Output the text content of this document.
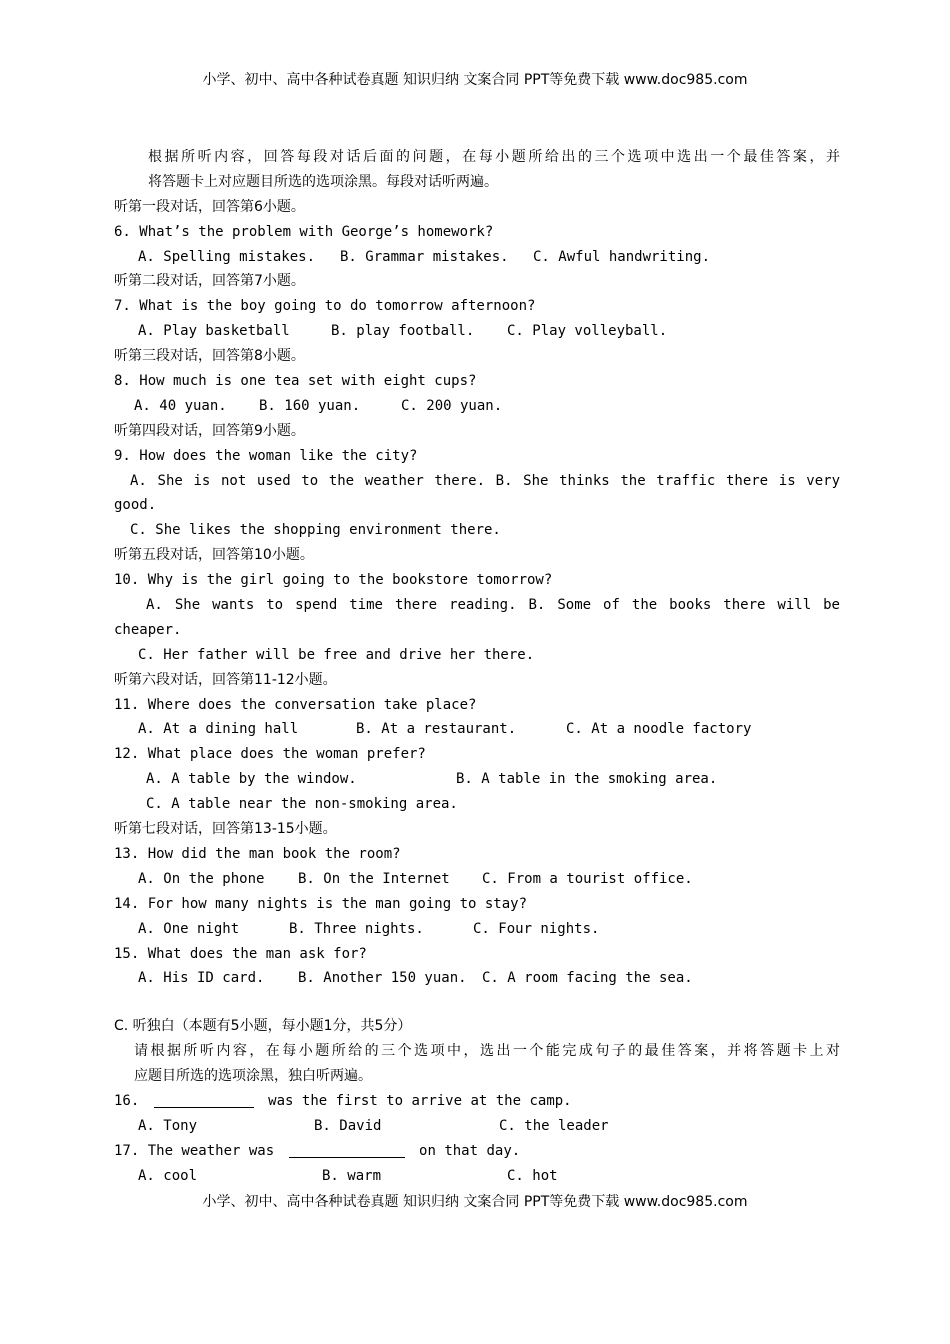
小学、初中、高中各种试卷真题 知识归纳 文案合同 PPT等免费下载 www.doc985.com
根据所听内容，回答每段对话后面的问题，在每小题所给出的三个选项中选出一个最佳答案，并
将答题卡上对应题目所选的选项涂黑。每段对话听两遍。
听第一段对话，回答第6小题。
6. What’s the problem with George’s homework?
A. Spelling mistakes. B. Grammar mistakes. C. Awful handwriting.
听第二段对话，回答第7小题。
7. What is the boy going to do tomorrow afternoon?
A. Play basketball	B. play football. C. Play volleyball.
听第三段对话，回答第8小题。
8. How much is one tea set with eight cups?
A. 40 yuan. B. 160 yuan.	C. 200 yuan.
听第四段对话，回答第9小题。
9. How does the woman like the city?
A. She is not used to the weather there. B. She thinks the traffic there is very
good.
C. She likes the shopping environment there.
听第五段对话，回答第10小题。
10. Why is the girl going to the bookstore tomorrow?
A. She wants to spend time there reading. B. Some of the books there will be
cheaper.
C. Her father will be free and drive her there.
听第六段对话，回答第11-12小题。
11. Where does the conversation take place?
A. At a dining hall	B. At a restaurant.	C. At a noodle factory
12. What place does the woman prefer?
A. A table by the window.	B. A table in the smoking area.
C. A table near the non-smoking area.
听第七段对话，回答第13-15小题。
13. How did the man book the room?
A. On the phone B. On the Internet C. From a tourist office.
14. For how many nights is the man going to stay?
A. One night	B. Three nights.	C. Four nights.
15. What does the man ask for?
A. His ID card. B. Another 150 yuan. C. A room facing the sea.
C. 听独白（本题有5小题，每小题1分，共5分）
请根据所听内容，在每小题所给的三个选项中，选出一个能完成句子的最佳答案，并将答题卡上对
应题目所选的选项涂黑，独白听两遍。
16.	was the first to arrive at the camp.
A. Tony	B. David	C. the leader
17. The weather was	on that day.
A. cool	B. warm	C. hot
小学、初中、高中各种试卷真题 知识归纳 文案合同 PPT等免费下载 www.doc985.com
